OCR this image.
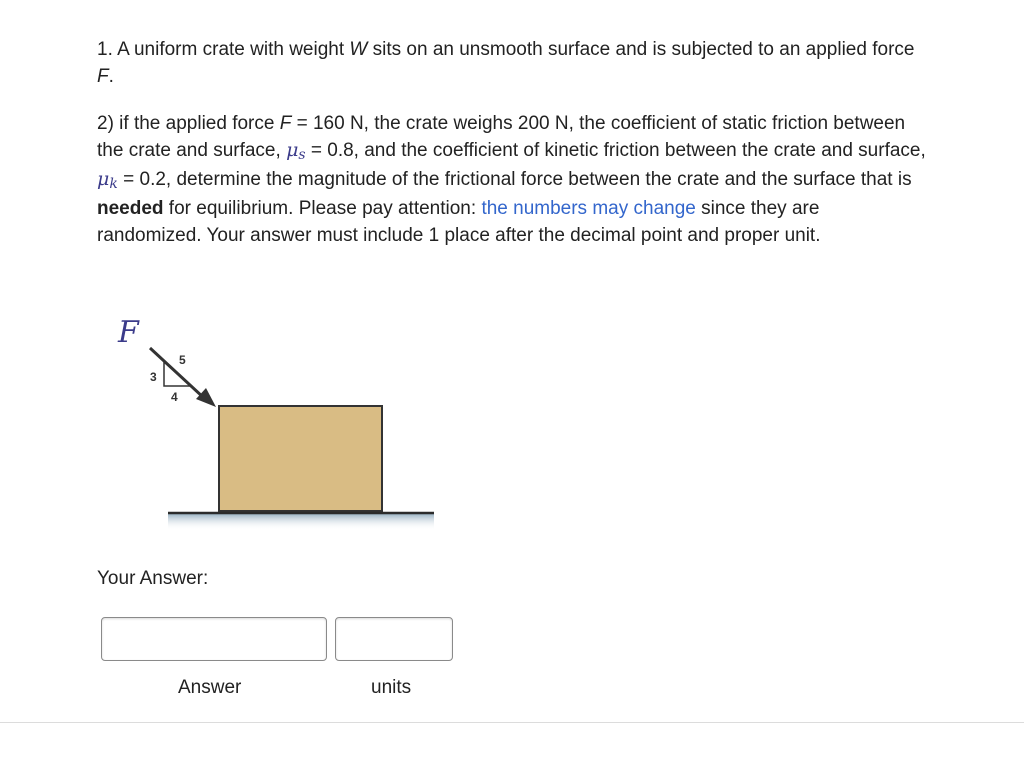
1. A uniform crate with weight W sits on an unsmooth surface and is subjected to an applied force F.
2) if the applied force F = 160 N, the crate weighs 200 N, the coefficient of static friction between the crate and surface, μs = 0.8, and the coefficient of kinetic friction between the crate and surface, μk = 0.2, determine the magnitude of the frictional force between the crate and the surface that is needed for equilibrium. Please pay attention: the numbers may change since they are randomized. Your answer must include 1 place after the decimal point and proper unit.
F
3
4
5
Your Answer:
Answer	units
